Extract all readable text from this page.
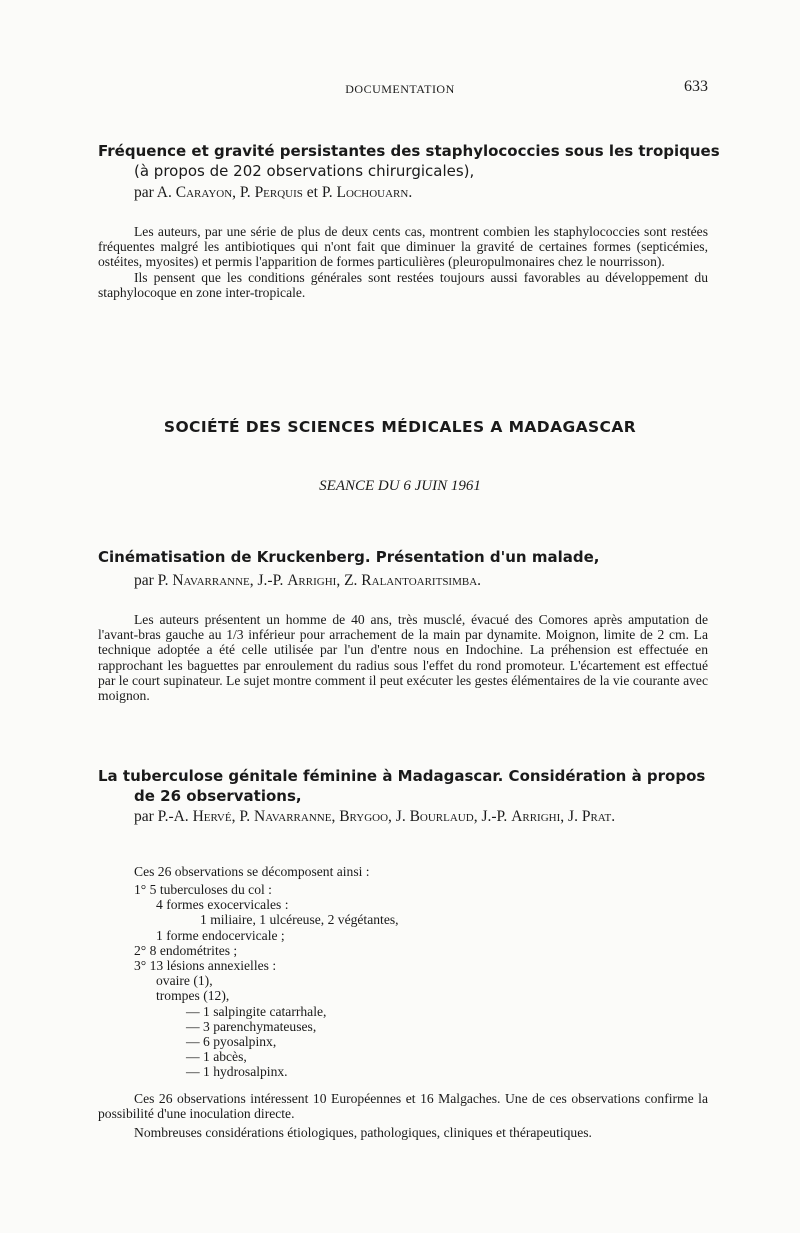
DOCUMENTATION	633
Fréquence et gravité persistantes des staphylococcies sous les tropiques
(à propos de 202 observations chirurgicales),
par A. Carayon, P. Perquis et P. Lochouarn.

Les auteurs, par une série de plus de deux cents cas, montrent combien les staphylococcies sont restées fréquentes malgré les antibiotiques qui n'ont fait que diminuer la gravité de certaines formes (septicémies, ostéites, myosites) et permis l'apparition de formes particulières (pleuropulmonaires chez le nourrisson).

Ils pensent que les conditions générales sont restées toujours aussi favorables au développement du staphylocoque en zone inter-tropicale.

SOCIÉTÉ DES SCIENCES MÉDICALES A MADAGASCAR
SEANCE DU 6 JUIN 1961
Cinématisation de Kruckenberg. Présentation d'un malade,
par P. Navarranne, J.-P. Arrighi, Z. Ralantoaritsimba.

Les auteurs présentent un homme de 40 ans, très musclé, évacué des Comores après amputation de l'avant-bras gauche au 1/3 inférieur pour arrachement de la main par dynamite. Moignon, limite de 2 cm. La technique adoptée a été celle utilisée par l'un d'entre nous en Indochine. La préhension est effectuée en rapprochant les baguettes par enroulement du radius sous l'effet du rond promoteur. L'écartement est effectué par le court supinateur. Le sujet montre comment il peut exécuter les gestes élémentaires de la vie courante avec moignon.

La tuberculose génitale féminine à Madagascar. Considération à propos
de 26 observations,
par P.-A. Hervé, P. Navarranne, Brygoo, J. Bourlaud, J.-P. Arrighi, J. Prat.
Ces 26 observations se décomposent ainsi :
1° 5 tuberculoses du col :
4 formes exocervicales :
1 miliaire, 1 ulcéreuse, 2 végétantes,
1 forme endocervicale ;
2° 8 endométrites ;
3° 13 lésions annexielles :
ovaire (1),
trompes (12),
— 1 salpingite catarrhale,
— 3 parenchymateuses,
— 6 pyosalpinx,
— 1 abcès,
— 1 hydrosalpinx.

Ces 26 observations intéressent 10 Européennes et 16 Malgaches. Une de ces observations confirme la possibilité d'une inoculation directe.

Nombreuses considérations étiologiques, pathologiques, cliniques et thérapeutiques.
